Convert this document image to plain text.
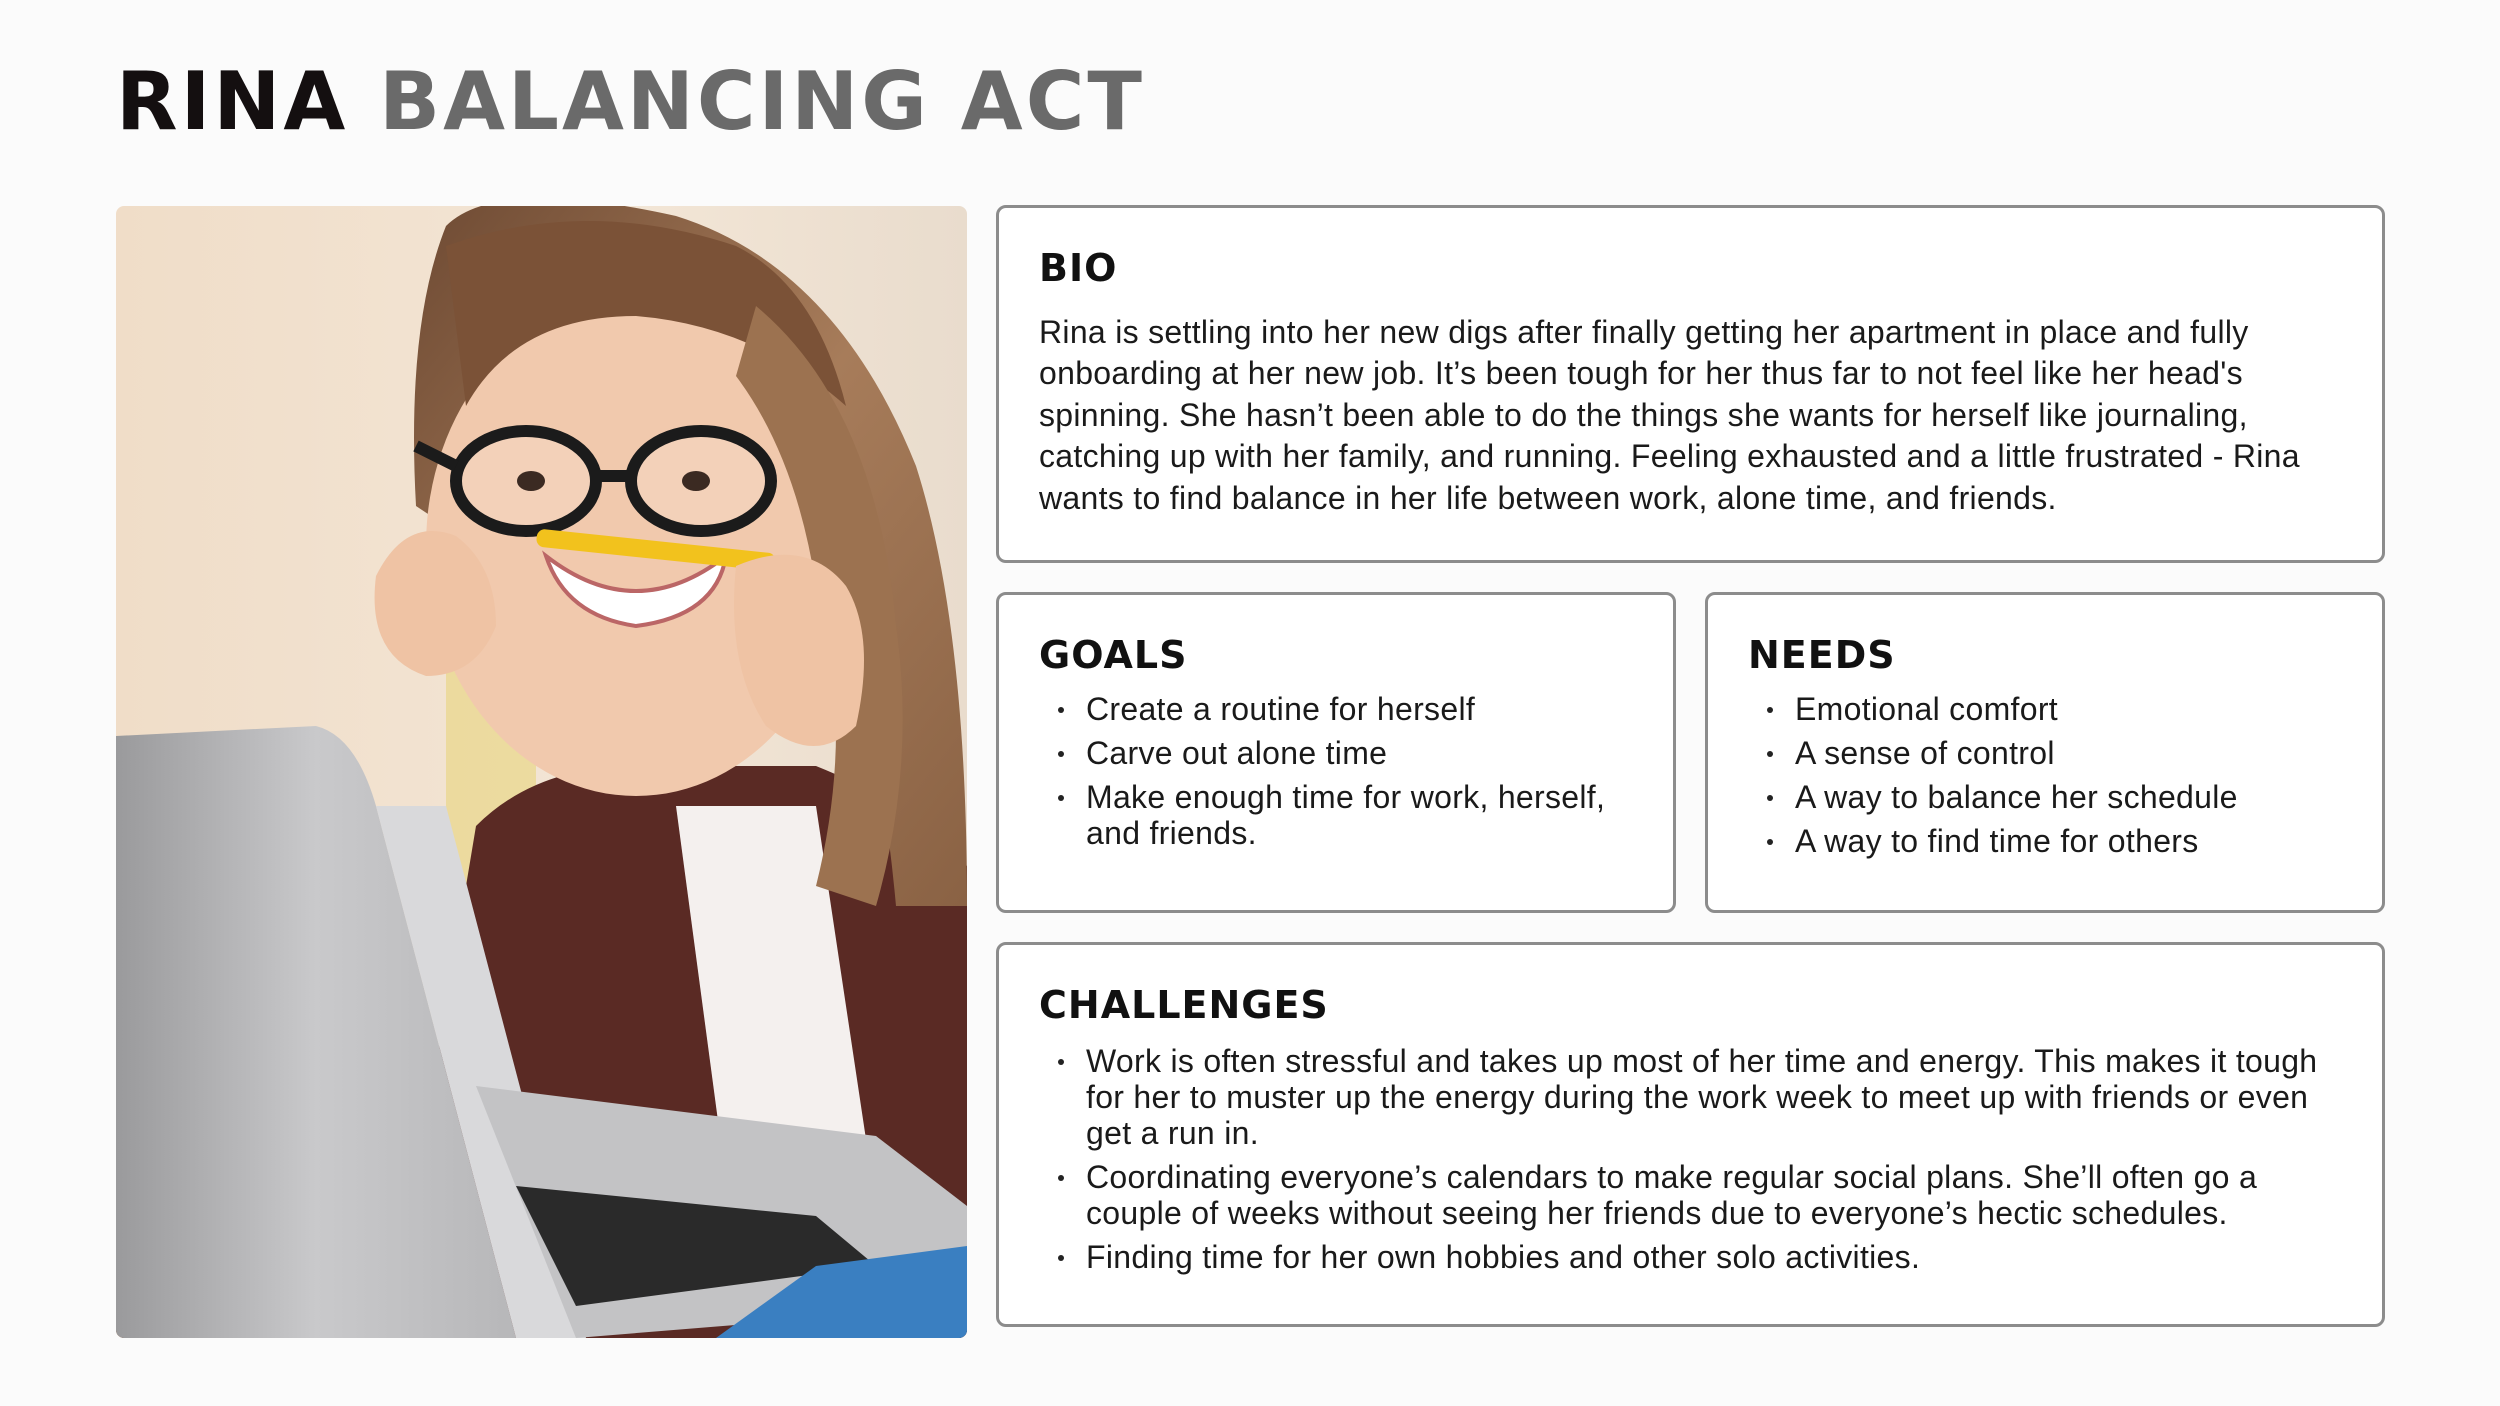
RINA BALANCING ACT
BIO

Rina is settling into her new digs after finally getting her apartment in place and fully onboarding at her new job. It’s been tough for her thus far to not feel like her head's spinning. She hasn’t been able to do the things she wants for herself like journaling, catching up with her family, and running. Feeling exhausted and a little frustrated - Rina wants to find balance in her life between work, alone time, and friends.

GOALS
Create a routine for herself
Carve out alone time
Make enough time for work, herself, and friends.
NEEDS
Emotional comfort
A sense of control
A way to balance her schedule
A way to find time for others
CHALLENGES
Work is often stressful and takes up most of her time and energy. This makes it tough for her to muster up the energy during the work week to meet up with friends or even get a run in.
Coordinating everyone’s calendars to make regular social plans. She’ll often go a couple of weeks without seeing her friends due to everyone’s hectic schedules.
Finding time for her own hobbies and other solo activities.
